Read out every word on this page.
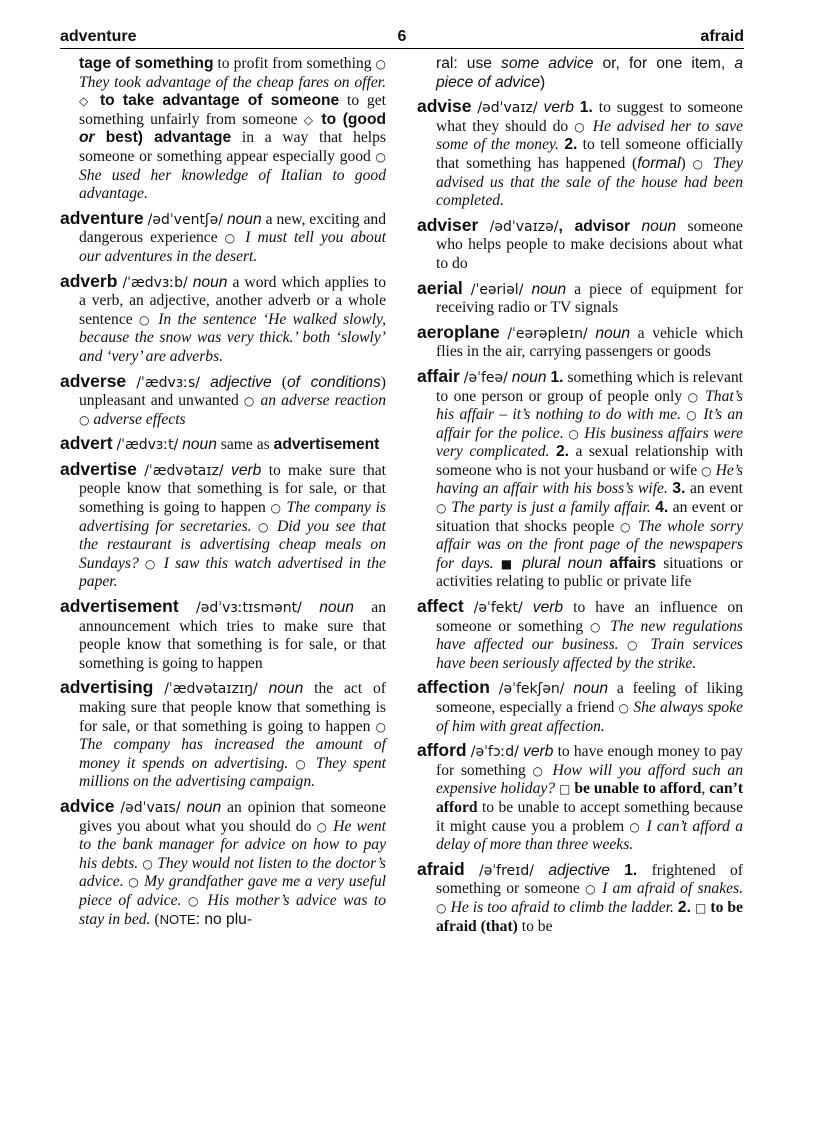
adventure	6	afraid

tage of something to profit from something ○ They took advantage of the cheap fares on offer. ◇ to take advantage of someone to get something unfairly from someone ◇ to (good or best) advantage in a way that helps someone or something appear especially good ○ She used her knowledge of Italian to good advantage.

adventure /ədˈventʃə/ noun a new, exciting and dangerous experience ○ I must tell you about our adventures in the desert.

adverb /ˈædvɜːb/ noun a word which applies to a verb, an adjective, another adverb or a whole sentence ○ In the sentence ‘He walked slowly, because the snow was very thick.’ both ‘slowly’ and ‘very’ are adverbs.

adverse /ˈædvɜːs/ adjective (of conditions) unpleasant and unwanted ○ an adverse reaction ○ adverse effects

advert /ˈædvɜːt/ noun same as advertisement

advertise /ˈædvətaɪz/ verb to make sure that people know that something is for sale, or that something is going to happen ○ The company is advertising for secretaries. ○ Did you see that the restaurant is advertising cheap meals on Sundays? ○ I saw this watch advertised in the paper.

advertisement /ədˈvɜːtɪsmənt/ noun an announcement which tries to make sure that people know that something is for sale, or that something is going to happen

advertising /ˈædvətaɪzɪŋ/ noun the act of making sure that people know that something is for sale, or that something is going to happen ○ The company has increased the amount of money it spends on advertising. ○ They spent millions on the advertising campaign.

advice /ədˈvaɪs/ noun an opinion that someone gives you about what you should do ○ He went to the bank manager for advice on how to pay his debts. ○ They would not listen to the doctor’s advice. ○ My grandfather gave me a very useful piece of advice. ○ His mother’s advice was to stay in bed. (NOTE: no plu-

ral: use some advice or, for one item, a piece of advice)

advise /ədˈvaɪz/ verb 1. to suggest to someone what they should do ○ He advised her to save some of the money. 2. to tell someone officially that something has happened (formal) ○ They advised us that the sale of the house had been completed.

adviser /ədˈvaɪzə/, advisor noun someone who helps people to make decisions about what to do

aerial /ˈeəriəl/ noun a piece of equipment for receiving radio or TV signals

aeroplane /ˈeərəpleɪn/ noun a vehicle which flies in the air, carrying passengers or goods

affair /əˈfeə/ noun 1. something which is relevant to one person or group of people only ○ That’s his affair – it’s nothing to do with me. ○ It’s an affair for the police. ○ His business affairs were very complicated. 2. a sexual relationship with someone who is not your husband or wife ○ He’s having an affair with his boss’s wife. 3. an event ○ The party is just a family affair. 4. an event or situation that shocks people ○ The whole sorry affair was on the front page of the newspapers for days. ■ plural noun affairs situations or activities relating to public or private life

affect /əˈfekt/ verb to have an influence on someone or something ○ The new regulations have affected our business. ○ Train services have been seriously affected by the strike.

affection /əˈfekʃən/ noun a feeling of liking someone, especially a friend ○ She always spoke of him with great affection.

afford /əˈfɔːd/ verb to have enough money to pay for something ○ How will you afford such an expensive holiday? □ be unable to afford, can’t afford to be unable to accept something because it might cause you a problem ○ I can’t afford a delay of more than three weeks.

afraid /əˈfreɪd/ adjective 1. frightened of something or someone ○ I am afraid of snakes. ○ He is too afraid to climb the ladder. 2. □ to be afraid (that) to be
